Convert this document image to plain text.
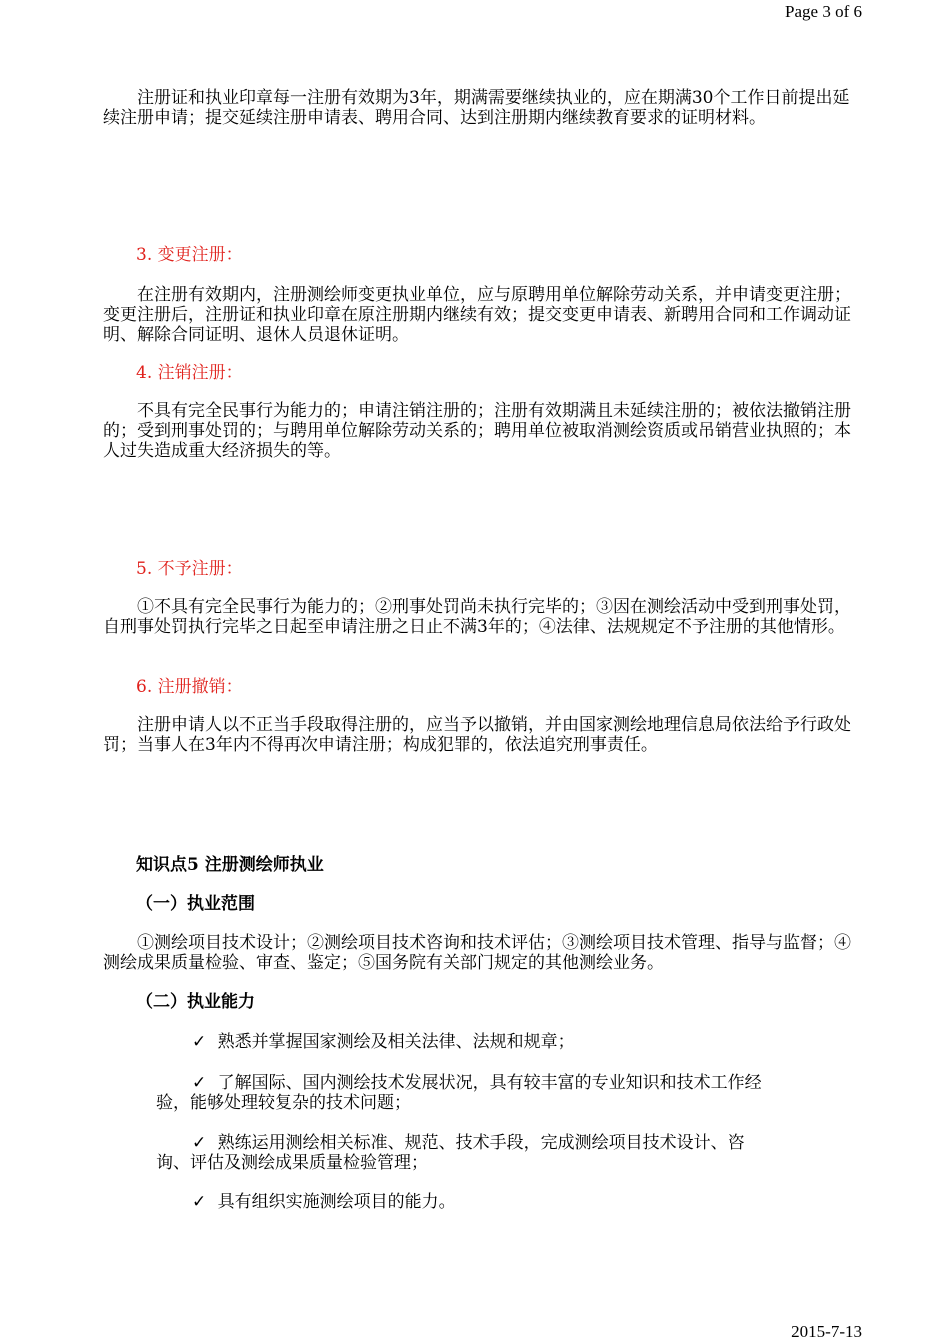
Page 3 of 6

注册证和执业印章每一注册有效期为3年，期满需要继续执业的，应在期满30个工作日前提出延续注册申请；提交延续注册申请表、聘用合同、达到注册期内继续教育要求的证明材料。

3. 变更注册：

在注册有效期内，注册测绘师变更执业单位，应与原聘用单位解除劳动关系，并申请变更注册；变更注册后，注册证和执业印章在原注册期内继续有效；提交变更申请表、新聘用合同和工作调动证明、解除合同证明、退休人员退休证明。

4. 注销注册：

不具有完全民事行为能力的；申请注销注册的；注册有效期满且未延续注册的；被依法撤销注册的；受到刑事处罚的；与聘用单位解除劳动关系的；聘用单位被取消测绘资质或吊销营业执照的；本人过失造成重大经济损失的等。

5. 不予注册：

①不具有完全民事行为能力的；②刑事处罚尚未执行完毕的；③因在测绘活动中受到刑事处罚，自刑事处罚执行完毕之日起至申请注册之日止不满3年的；④法律、法规规定不予注册的其他情形。

6. 注册撤销：

注册申请人以不正当手段取得注册的，应当予以撤销，并由国家测绘地理信息局依法给予行政处罚；当事人在3年内不得再次申请注册；构成犯罪的，依法追究刑事责任。

知识点5 注册测绘师执业

（一）执业范围

①测绘项目技术设计；②测绘项目技术咨询和技术评估；③测绘项目技术管理、指导与监督；④测绘成果质量检验、审查、鉴定；⑤国务院有关部门规定的其他测绘业务。

（二）执业能力

✓ 熟悉并掌握国家测绘及相关法律、法规和规章；
✓ 了解国际、国内测绘技术发展状况，具有较丰富的专业知识和技术工作经
验，能够处理较复杂的技术问题；
✓ 熟练运用测绘相关标准、规范、技术手段，完成测绘项目技术设计、咨
询、评估及测绘成果质量检验管理；
✓ 具有组织实施测绘项目的能力。
2015-7-13
